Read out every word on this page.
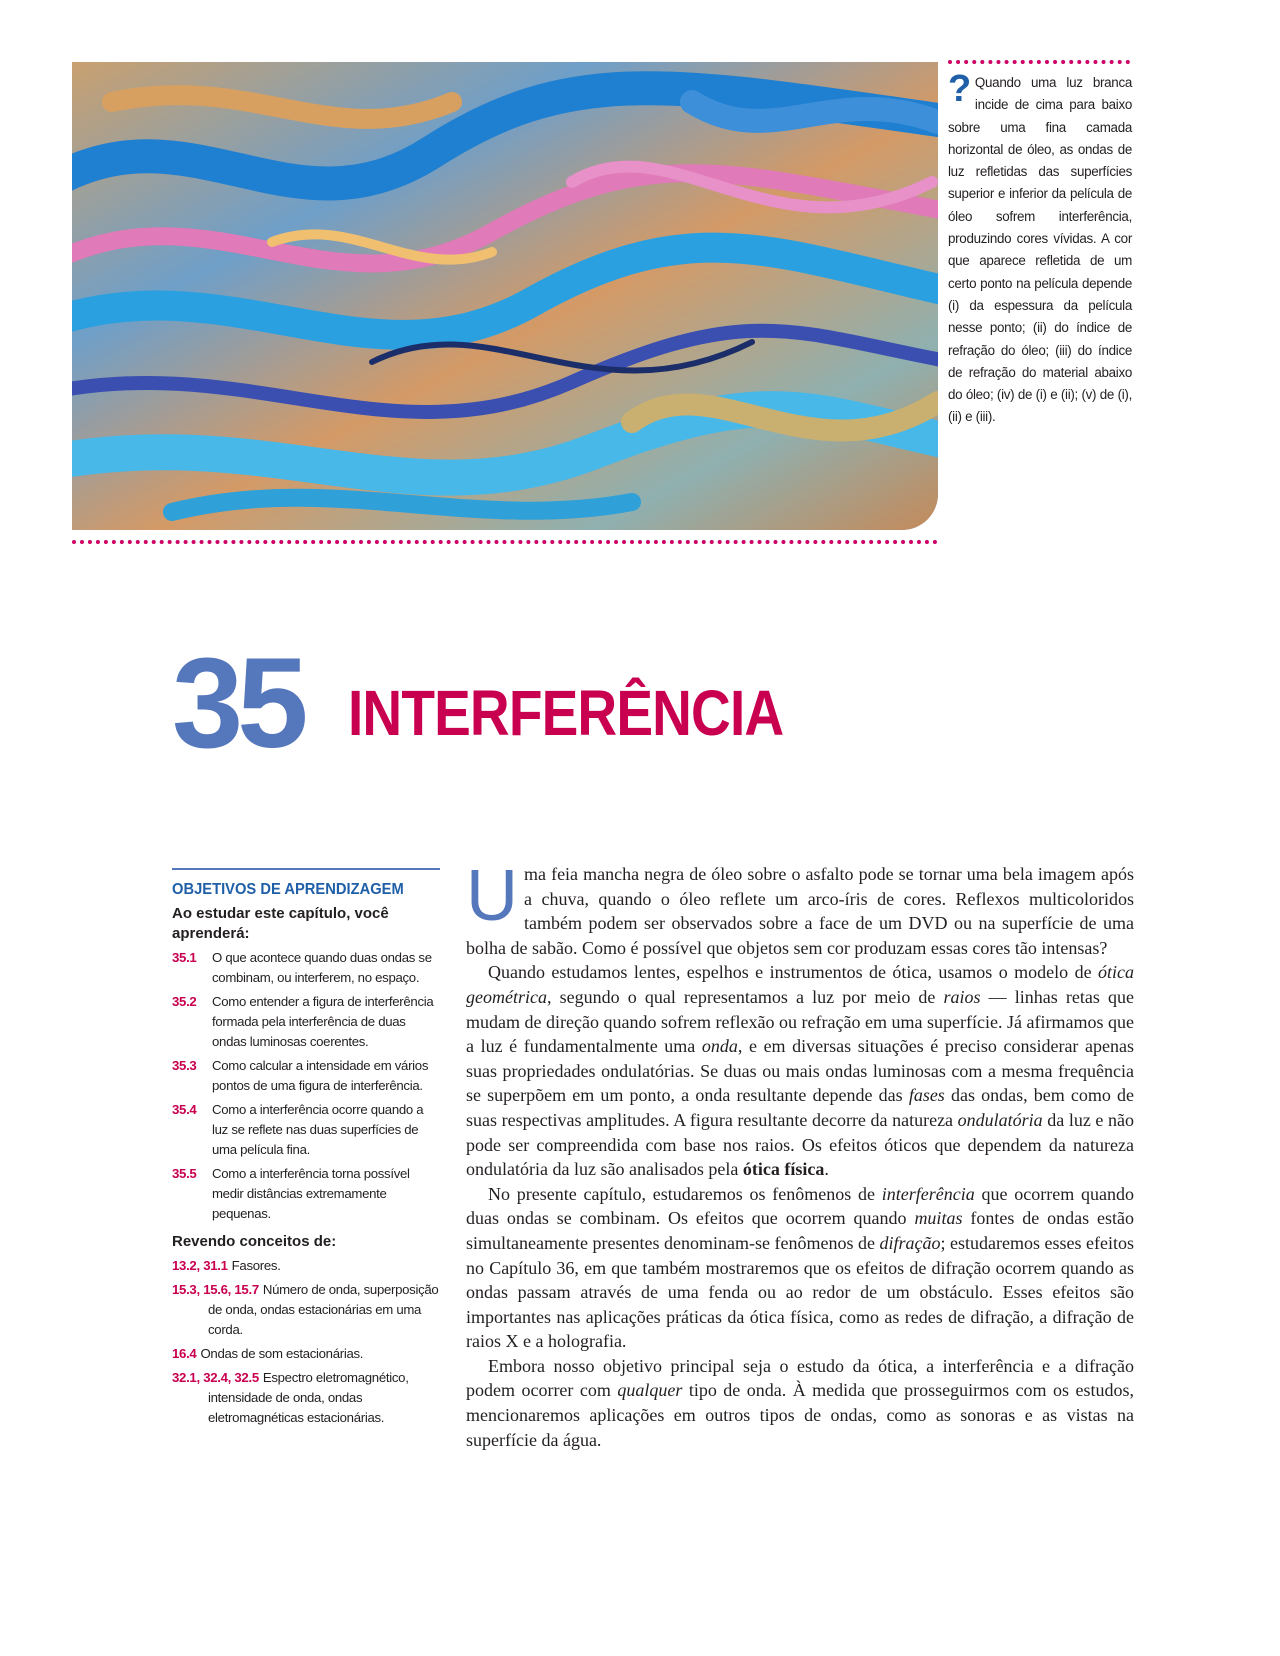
? Quando uma luz branca incide de cima para baixo sobre uma fina camada horizontal de óleo, as ondas de luz refletidas das superfícies superior e inferior da película de óleo sofrem interferência, produzindo cores vívidas. A cor que aparece refletida de um certo ponto na película depende (i) da espessura da película nesse ponto; (ii) do índice de refração do óleo; (iii) do índice de refração do material abaixo do óleo; (iv) de (i) e (ii); (v) de (i), (ii) e (iii).
35 INTERFERÊNCIA
OBJETIVOS DE APRENDIZAGEM
Ao estudar este capítulo, você aprenderá:
35.1	O que acontece quando duas ondas se combinam, ou interferem, no espaço.
35.2	Como entender a figura de interferência formada pela interferência de duas ondas luminosas coerentes.
35.3	Como calcular a intensidade em vários pontos de uma figura de interferência.
35.4	Como a interferência ocorre quando a luz se reflete nas duas superfícies de uma película fina.
35.5	Como a interferência torna possível medir distâncias extremamente pequenas.
Revendo conceitos de:
13.2, 31.1 Fasores.
15.3, 15.6, 15.7 Número de onda, superposição de onda, ondas estacionárias em uma corda.
16.4 Ondas de som estacionárias.
32.1, 32.4, 32.5 Espectro eletromagnético, intensidade de onda, ondas eletromagnéticas estacionárias.

Uma feia mancha negra de óleo sobre o asfalto pode se tornar uma bela imagem após a chuva, quando o óleo reflete um arco-íris de cores. Reflexos multicoloridos também podem ser observados sobre a face de um DVD ou na superfície de uma bolha de sabão. Como é possível que objetos sem cor produzam essas cores tão intensas?

Quando estudamos lentes, espelhos e instrumentos de ótica, usamos o modelo de ótica geométrica, segundo o qual representamos a luz por meio de raios — linhas retas que mudam de direção quando sofrem reflexão ou refração em uma superfície. Já afirmamos que a luz é fundamentalmente uma onda, e em diversas situações é preciso considerar apenas suas propriedades ondulatórias. Se duas ou mais ondas luminosas com a mesma frequência se superpõem em um ponto, a onda resultante depende das fases das ondas, bem como de suas respectivas amplitudes. A figura resultante decorre da natureza ondulatória da luz e não pode ser compreendida com base nos raios. Os efeitos óticos que dependem da natureza ondulatória da luz são analisados pela ótica física.

No presente capítulo, estudaremos os fenômenos de interferência que ocorrem quando duas ondas se combinam. Os efeitos que ocorrem quando muitas fontes de ondas estão simultaneamente presentes denominam-se fenômenos de difração; estudaremos esses efeitos no Capítulo 36, em que também mostraremos que os efeitos de difração ocorrem quando as ondas passam através de uma fenda ou ao redor de um obstáculo. Esses efeitos são importantes nas aplicações práticas da ótica física, como as redes de difração, a difração de raios X e a holografia.

Embora nosso objetivo principal seja o estudo da ótica, a interferência e a difração podem ocorrer com qualquer tipo de onda. À medida que prosseguirmos com os estudos, mencionaremos aplicações em outros tipos de ondas, como as sonoras e as vistas na superfície da água.
